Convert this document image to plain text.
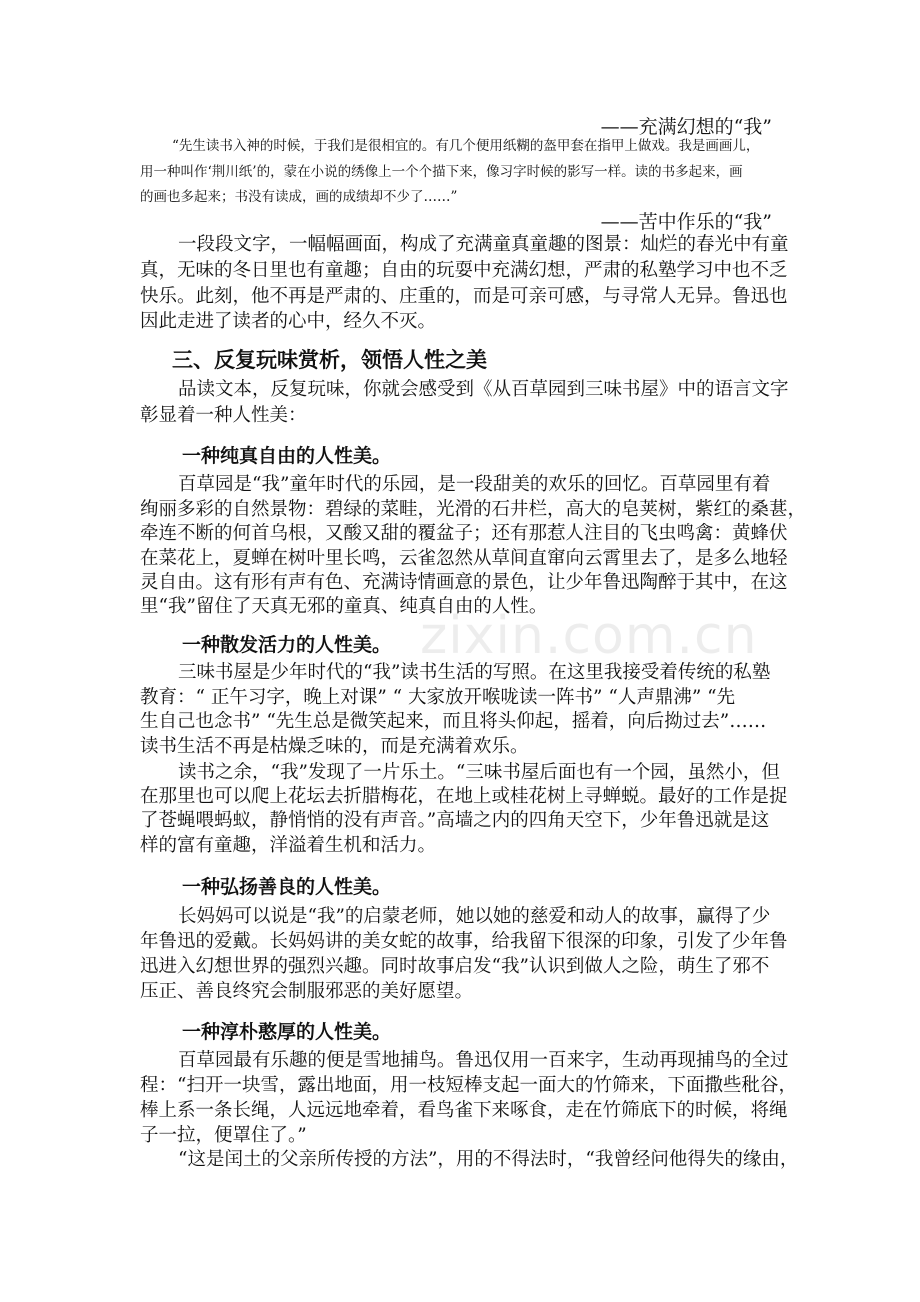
——充满幻想的“我”
“先生读书入神的时候，于我们是很相宜的。有几个便用纸糊的盔甲套在指甲上做戏。我是画画儿，
用一种叫作‘荆川纸’的，蒙在小说的绣像上一个个描下来，像习字时候的影写一样。读的书多起来，画
的画也多起来；书没有读成，画的成绩却不少了……”
——苦中作乐的“我”
一段段文字，一幅幅画面，构成了充满童真童趣的图景：灿烂的春光中有童
真，无味的冬日里也有童趣；自由的玩耍中充满幻想，严肃的私塾学习中也不乏
快乐。此刻，他不再是严肃的、庄重的，而是可亲可感，与寻常人无异。鲁迅也
因此走进了读者的心中，经久不灭。
三、反复玩味赏析，领悟人性之美
品读文本，反复玩味，你就会感受到《从百草园到三味书屋》中的语言文字
彰显着一种人性美：
一种纯真自由的人性美。
百草园是“我”童年时代的乐园，是一段甜美的欢乐的回忆。百草园里有着
绚丽多彩的自然景物：碧绿的菜畦，光滑的石井栏，高大的皂荚树，紫红的桑葚，
牵连不断的何首乌根，又酸又甜的覆盆子；还有那惹人注目的飞虫鸣禽：黄蜂伏
在菜花上，夏蝉在树叶里长鸣，云雀忽然从草间直窜向云霄里去了，是多么地轻
灵自由。这有形有声有色、充满诗情画意的景色，让少年鲁迅陶醉于其中，在这
里“我”留住了天真无邪的童真、纯真自由的人性。
zixin.com.cn
一种散发活力的人性美。
三味书屋是少年时代的“我”读书生活的写照。在这里我接受着传统的私塾
教育：“ 正午习字，晚上对课” “ 大家放开喉咙读一阵书” “人声鼎沸” “先
生自己也念书” “先生总是微笑起来，而且将头仰起，摇着，向后拗过去”……
读书生活不再是枯燥乏味的，而是充满着欢乐。
读书之余，“我”发现了一片乐土。“三味书屋后面也有一个园，虽然小，但
在那里也可以爬上花坛去折腊梅花，在地上或桂花树上寻蝉蜕。最好的工作是捉
了苍蝇喂蚂蚁，静悄悄的没有声音。”高墙之内的四角天空下，少年鲁迅就是这
样的富有童趣，洋溢着生机和活力。
一种弘扬善良的人性美。
长妈妈可以说是“我”的启蒙老师，她以她的慈爱和动人的故事，赢得了少
年鲁迅的爱戴。长妈妈讲的美女蛇的故事，给我留下很深的印象，引发了少年鲁
迅进入幻想世界的强烈兴趣。同时故事启发“我”认识到做人之险，萌生了邪不
压正、善良终究会制服邪恶的美好愿望。
一种淳朴憨厚的人性美。
百草园最有乐趣的便是雪地捕鸟。鲁迅仅用一百来字，生动再现捕鸟的全过
程：“扫开一块雪，露出地面，用一枝短棒支起一面大的竹筛来，下面撒些秕谷，
棒上系一条长绳，人远远地牵着，看鸟雀下来啄食，走在竹筛底下的时候，将绳
子一拉，便罩住了。”
“这是闰土的父亲所传授的方法”，用的不得法时，“我曾经问他得失的缘由，
